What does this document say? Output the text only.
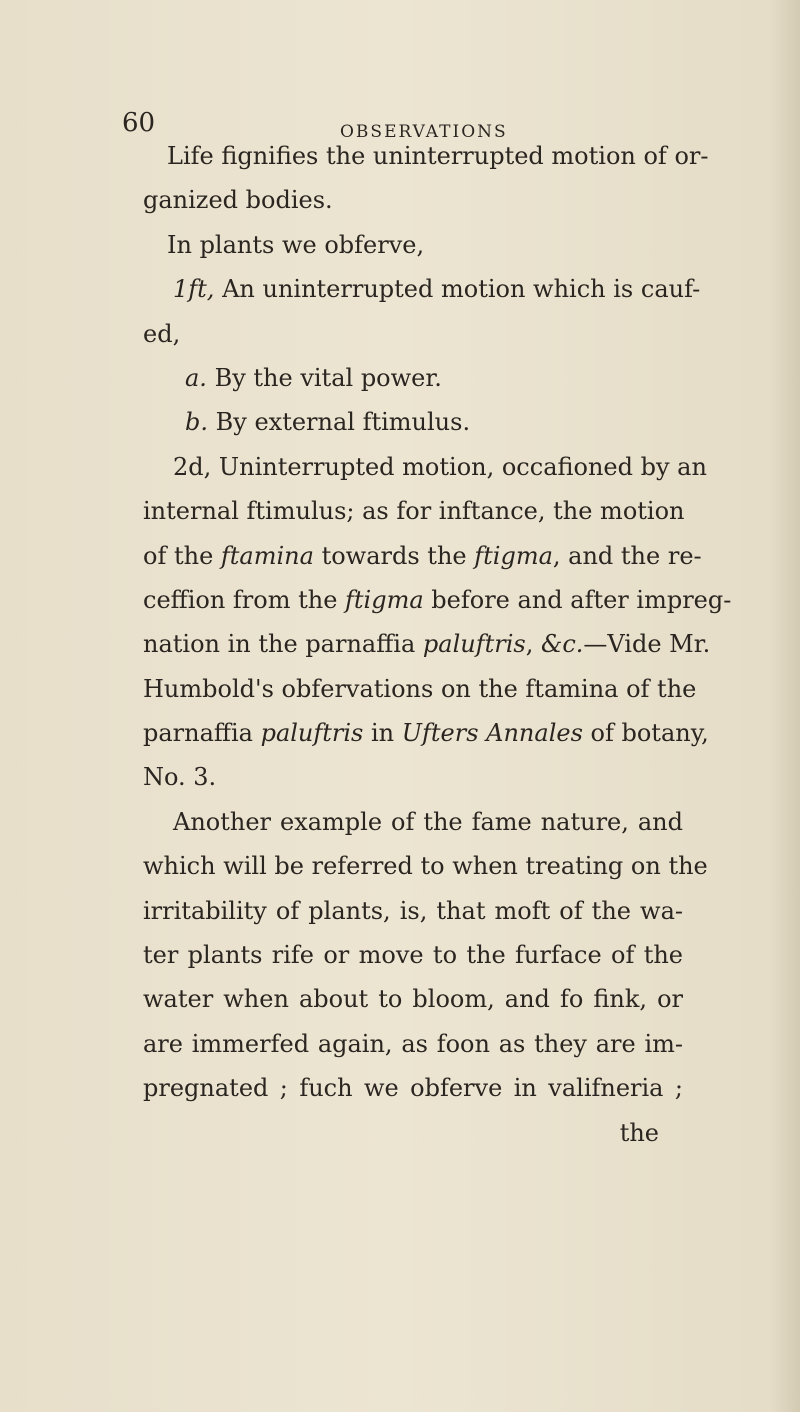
60	OBSERVATIONS
Life fignifies the uninterrupted motion of or-
ganized bodies.
In plants we obferve,
1ft, An uninterrupted motion which is cauf-
ed,
a. By the vital power.
b. By external ftimulus.
2d, Uninterrupted motion, occafioned by an
internal ftimulus; as for inftance, the motion
of the ftamina towards the ftigma, and the re-
ceffion from the ftigma before and after impreg-
nation in the parnaffia paluftris, &c.—Vide Mr.
Humbold's obfervations on the ftamina of the
parnaffia paluftris in Ufters Annales of botany,
No. 3.
Another example of the fame nature, and
which will be referred to when treating on the
irritability of plants, is, that moft of the wa-
ter plants rife or move to the furface of the
water when about to bloom, and fo fink, or
are immerfed again, as foon as they are im-
pregnated ; fuch we obferve in valifneria ;
the
